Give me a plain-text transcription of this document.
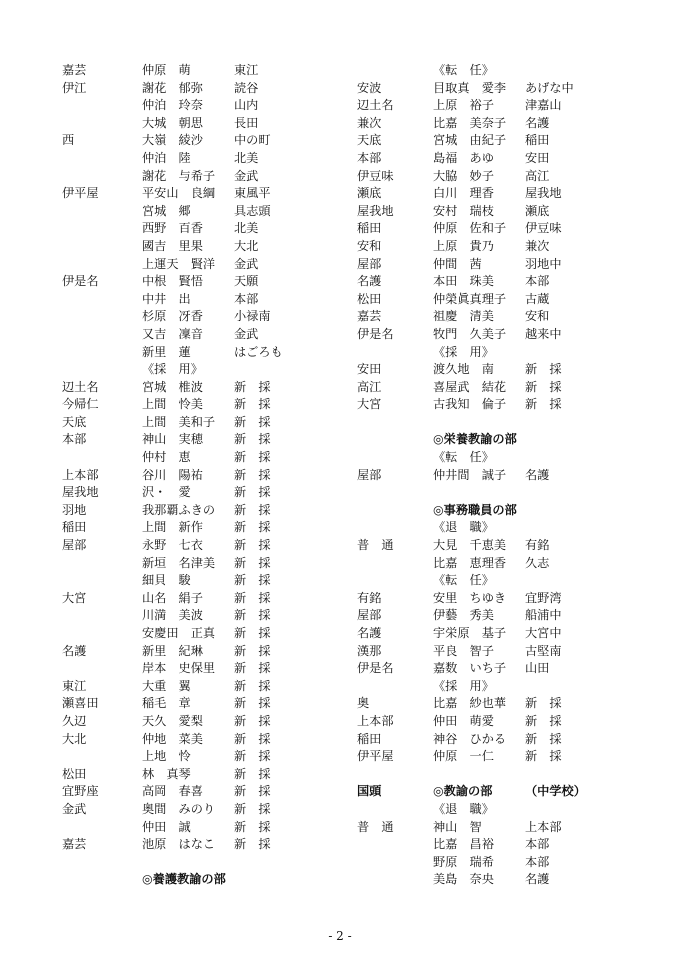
嘉芸	仲原　萌	東江
伊江	謝花　郁弥	読谷
仲泊　玲奈	山内
大城　朝思	長田
西	大嶺　綾沙	中の町
仲泊　陸	北美
謝花　与希子 金武
伊平屋	平安山　良綱 東風平
宮城　郷	具志頭
西野　百香	北美
國吉　里果	大北
上運天　賢洋 金武
伊是名	中根　賢悟	天願
中井　出	本部
杉原　冴香	小禄南
又吉　凜音	金武
新里　蓮	はごろも
《採　用》
辺土名	宮城　椎波	新　採
今帰仁	上間　怜美	新　採
天底	上間　美和子 新　採
本部	神山　実穂	新　採
仲村　恵	新　採
上本部	谷川　陽祐	新　採
屋我地	沢・　愛	新　採
羽地	我那覇ふきの 新　採
稲田	上間　新作	新　採
屋部	永野　七衣	新　採
新垣　名津美 新　採
細貝　駿	新　採
大宮	山名　絹子	新　採
川満　美波	新　採
安慶田　正真 新　採
名護	新里　紀琳	新　採
岸本　史保里 新　採
東江	大重　翼	新　採
瀬喜田	稲毛　章	新　採
久辺	天久　愛梨	新　採
大北	仲地　菜美	新　採
上地　怜	新　採
松田	林　真琴	新　採
宜野座	高岡　春喜	新　採
金武	奥間　みのり 新　採
仲田　誠	新　採
嘉芸	池原　はなこ 新　採
◎養護教諭の部
《転　任》
安波	目取真　愛李 あげな中
辺土名	上原　裕子	津嘉山
兼次	比嘉　美奈子 名護
天底	宮城　由紀子 稲田
本部	島福　あゆ	安田
伊豆味	大脇　妙子	高江
瀬底	白川　理香	屋我地
屋我地	安村　瑞枝	瀬底
稲田	仲原　佐和子 伊豆味
安和	上原　貴乃	兼次
屋部	仲間　茜	羽地中
名護	本田　珠美	本部
松田	仲榮眞真理子 古蔵
嘉芸	祖慶　清美	安和
伊是名	牧門　久美子 越来中
《採　用》
安田	渡久地　南	新　採
高江	喜屋武　結花 新　採
大宮	古我知　倫子 新　採
◎栄養教諭の部
《転　任》
屋部	仲井間　誠子 名護
◎事務職員の部
《退　職》
普　通	大見　千恵美 有銘
比嘉　恵理香 久志
《転　任》
有銘	安里　ちゆき 宜野湾
屋部	伊藝　秀美	船浦中
名護	宇栄原　基子 大宮中
漢那	平良　智子	古堅南
伊是名	嘉数　いち子 山田
《採　用》
奥	比嘉　紗也華 新　採
上本部	仲田　萌愛	新　採
稲田	神谷　ひかる 新　採
伊平屋	仲原　一仁	新　採
国頭	◎教諭の部	（中学校）
《退　職》
普　通	神山　智	上本部
比嘉　昌裕	本部
野原　瑞希	本部
美島　奈央	名護
- 2 -
